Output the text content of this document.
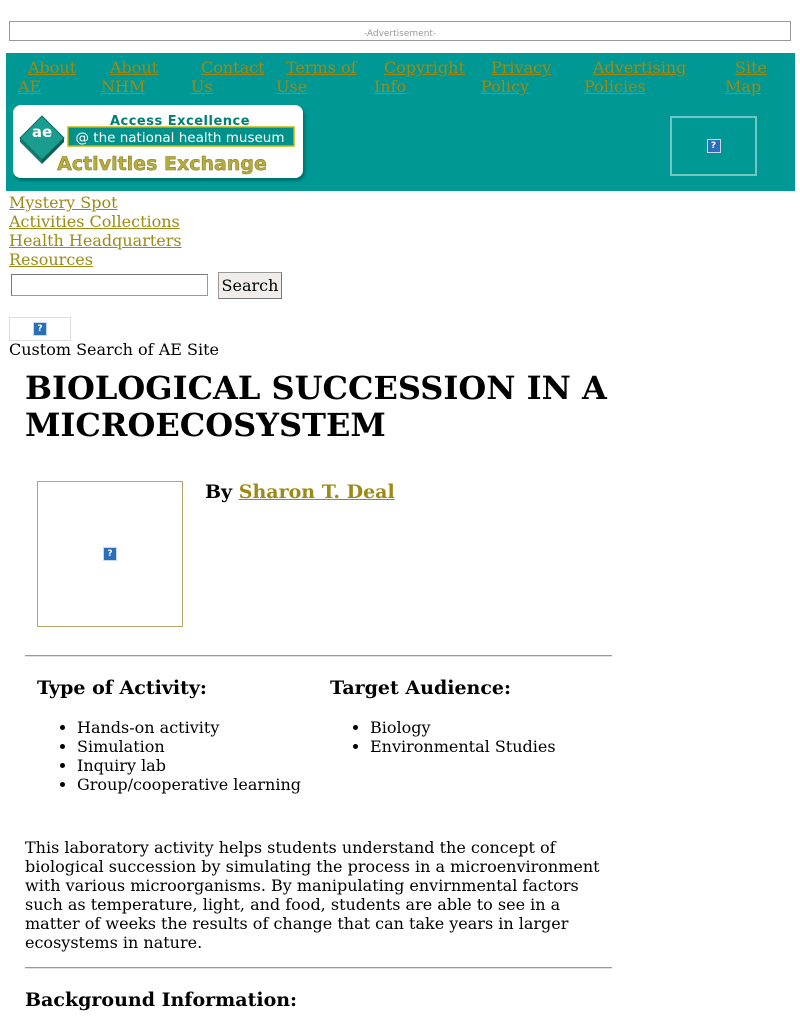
-Advertisement-
About
AE
About
NHM
Contact
Us
Terms of
Use
Copyright
Info
Privacy
Policy
Advertising
Policies
Site
Map
ae
Access Excellence
@ the national health museum
Activities Exchange
?
Mystery Spot
Activities Collections
Health Headquarters
Resources
Search
?
Custom Search of AE Site
BIOLOGICAL SUCCESSION IN A MICROECOSYSTEM
?
By Sharon T. Deal
Type of Activity:
• Hands-on activity
• Simulation
• Inquiry lab
• Group/cooperative learning
Target Audience:
• Biology
• Environmental Studies

This laboratory activity helps students understand the concept of biological succession by simulating the process in a microenvironment with various microorganisms. By manipulating envirnmental factors such as temperature, light, and food, students are able to see in a matter of weeks the results of change that can take years in larger ecosystems in nature.

Background Information:
